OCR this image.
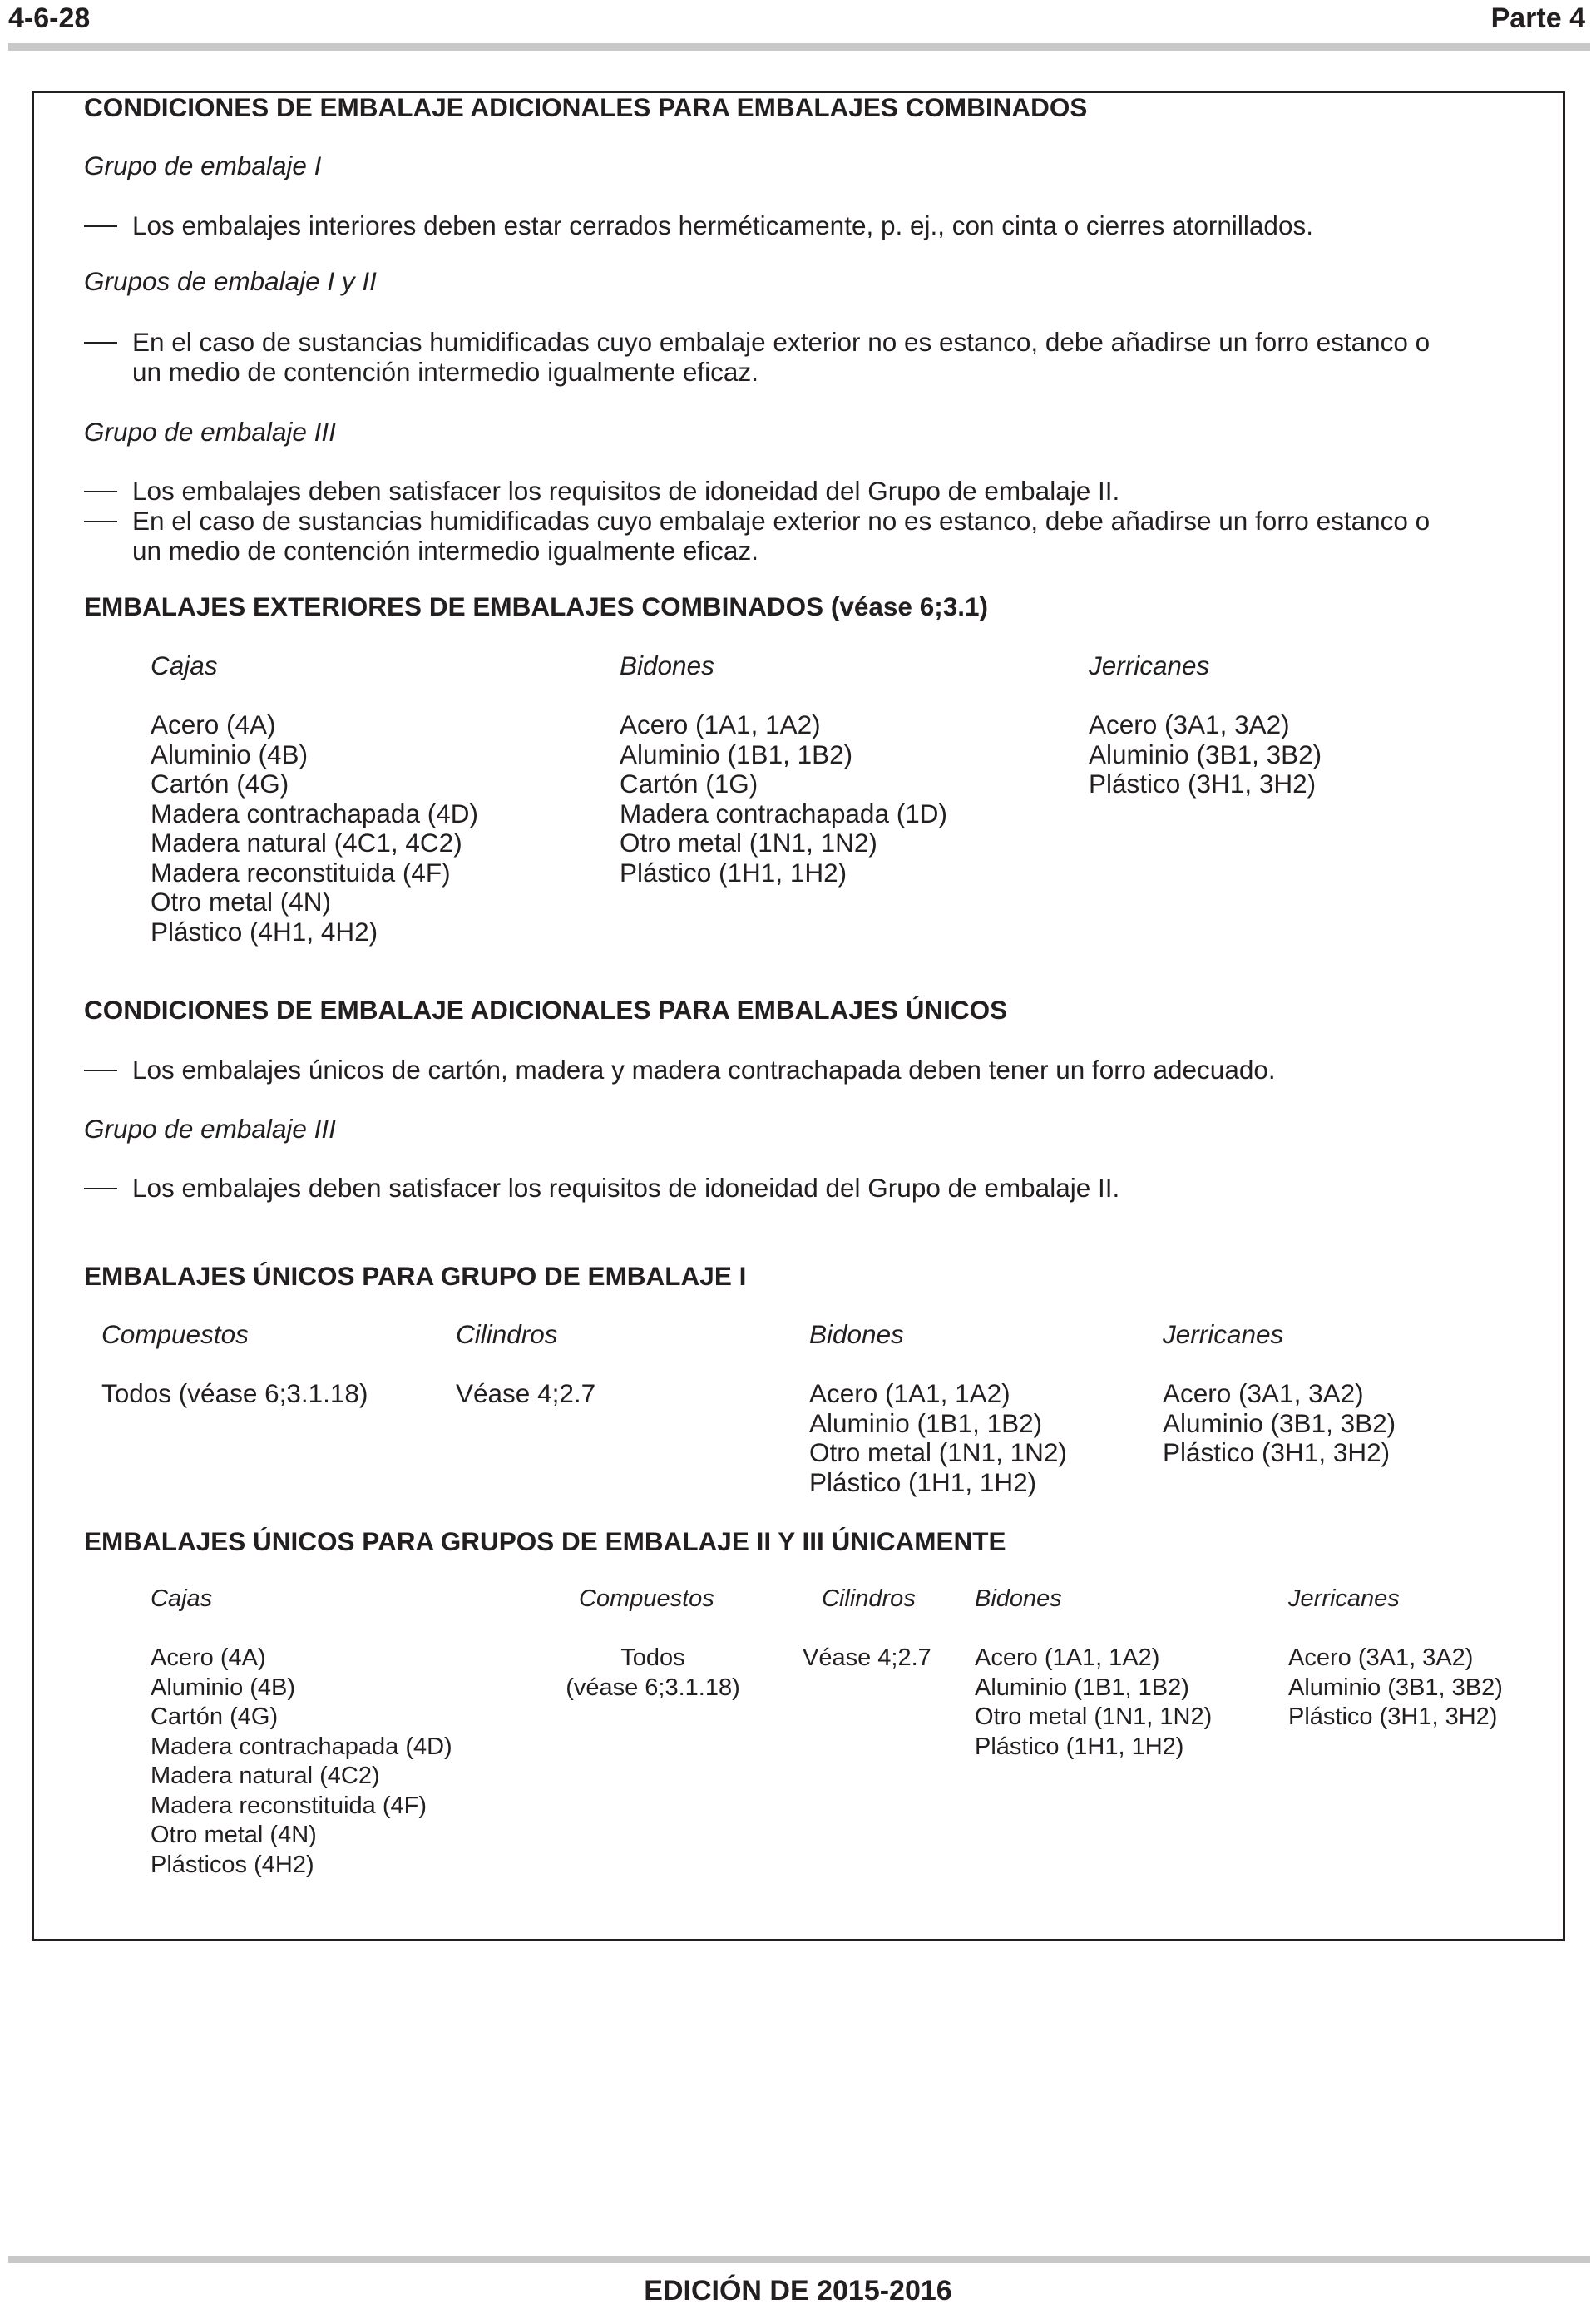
4-6-28	Parte 4
CONDICIONES DE EMBALAJE ADICIONALES PARA EMBALAJES COMBINADOS
Grupo de embalaje I
Los embalajes interiores deben estar cerrados herméticamente, p. ej., con cinta o cierres atornillados.
Grupos de embalaje I y II
En el caso de sustancias humidificadas cuyo embalaje exterior no es estanco, debe añadirse un forro estanco o
un medio de contención intermedio igualmente eficaz.
Grupo de embalaje III
Los embalajes deben satisfacer los requisitos de idoneidad del Grupo de embalaje II.
En el caso de sustancias humidificadas cuyo embalaje exterior no es estanco, debe añadirse un forro estanco o
un medio de contención intermedio igualmente eficaz.
EMBALAJES EXTERIORES DE EMBALAJES COMBINADOS (véase 6;3.1)
Cajas
Acero (4A)
Aluminio (4B)
Cartón (4G)
Madera contrachapada (4D)
Madera natural (4C1, 4C2)
Madera reconstituida (4F)
Otro metal (4N)
Plástico (4H1, 4H2)
Bidones
Acero (1A1, 1A2)
Aluminio (1B1, 1B2)
Cartón (1G)
Madera contrachapada (1D)
Otro metal (1N1, 1N2)
Plástico (1H1, 1H2)
Jerricanes
Acero (3A1, 3A2)
Aluminio (3B1, 3B2)
Plástico (3H1, 3H2)
CONDICIONES DE EMBALAJE ADICIONALES PARA EMBALAJES ÚNICOS
Los embalajes únicos de cartón, madera y madera contrachapada deben tener un forro adecuado.
Grupo de embalaje III
Los embalajes deben satisfacer los requisitos de idoneidad del Grupo de embalaje II.
EMBALAJES ÚNICOS PARA GRUPO DE EMBALAJE I
Compuestos
Todos (véase 6;3.1.18)
Cilindros
Véase 4;2.7
Bidones
Acero (1A1, 1A2)
Aluminio (1B1, 1B2)
Otro metal (1N1, 1N2)
Plástico (1H1, 1H2)
Jerricanes
Acero (3A1, 3A2)
Aluminio (3B1, 3B2)
Plástico (3H1, 3H2)
EMBALAJES ÚNICOS PARA GRUPOS DE EMBALAJE II Y III ÚNICAMENTE
Cajas
Acero (4A)
Aluminio (4B)
Cartón (4G)
Madera contrachapada (4D)
Madera natural (4C2)
Madera reconstituida (4F)
Otro metal (4N)
Plásticos (4H2)
Compuestos
Todos
(véase 6;3.1.18)
Cilindros
Véase 4;2.7
Bidones
Acero (1A1, 1A2)
Aluminio (1B1, 1B2)
Otro metal (1N1, 1N2)
Plástico (1H1, 1H2)
Jerricanes
Acero (3A1, 3A2)
Aluminio (3B1, 3B2)
Plástico (3H1, 3H2)
EDICIÓN DE 2015-2016
